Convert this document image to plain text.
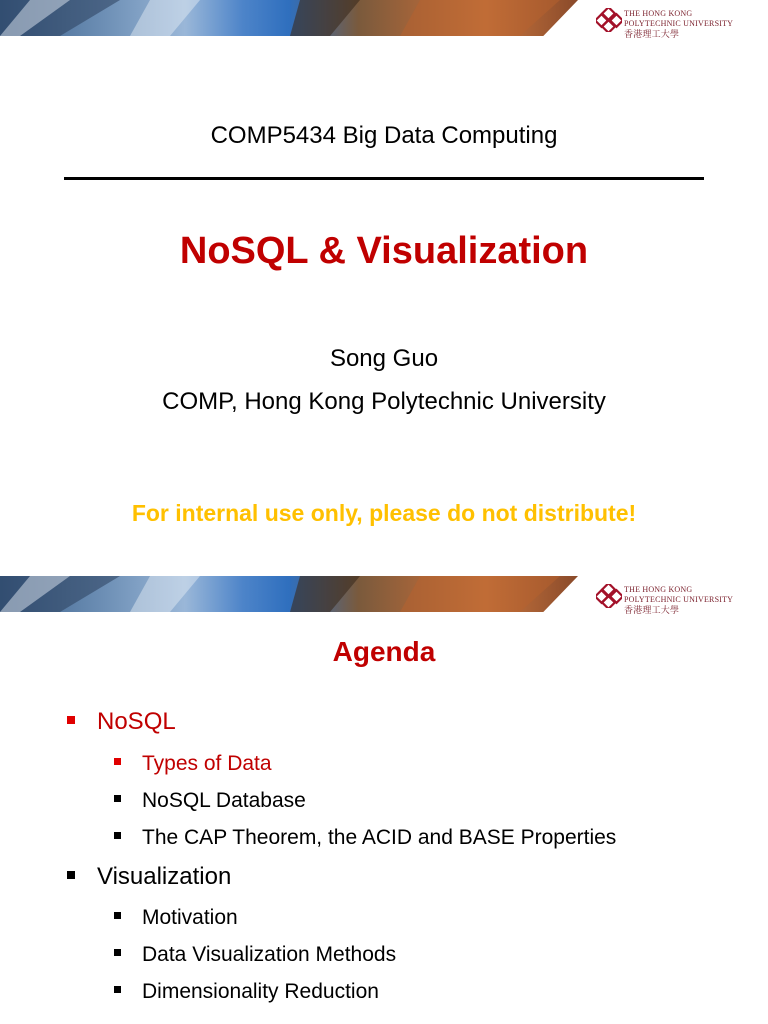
THE HONG KONG
POLYTECHNIC UNIVERSITY
香港理工大學
COMP5434 Big Data Computing
NoSQL & Visualization
Song Guo
COMP, Hong Kong Polytechnic University
For internal use only, please do not distribute!
THE HONG KONG
POLYTECHNIC UNIVERSITY
香港理工大學
Agenda
NoSQL
Types of Data
NoSQL Database
The CAP Theorem, the ACID and BASE Properties
Visualization
Motivation
Data Visualization Methods
Dimensionality Reduction
